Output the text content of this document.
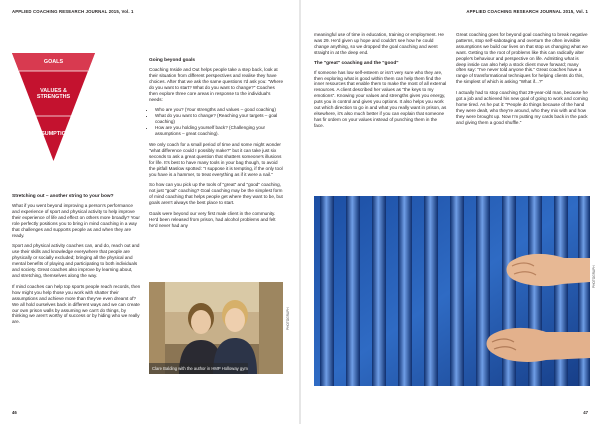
APPLIED COACHING RESEARCH JOURNAL 2015, Vol. 1	APPLIED COACHING RESEARCH JOURNAL 2015, Vol. 1
GOALS
VALUES &
STRENGTHS
ASSUMPTIONS
Stretching out – another string to your bow?

What if you went beyond improving a person's performance and experience of sport and physical activity to help improve their experience of life and effect on others more broadly? Your role perfectly positions you to bring in mind coaching in a way that challenges and supports people as and when they are ready.

Sport and physical activity coaches can, and do, reach out and use their skills and knowledge everywhere that people are physically or socially excluded; bringing all the physical and mental benefits of playing and participating to both individuals and society. Great coaches also improve by learning about, and stretching, themselves along the way.

If mind coaches can help top sports people reach records, then how might you help those you work with shatter their assumptions and achieve more than they've even dreamt of? We all hold ourselves back in different ways and we can create our own prison walls by assuming we can't do things, by thinking we aren't worthy of success or by hiding who we really are.

Going beyond goals

Coaching Inside and Out helps people take a step back, look at their situation from different perspectives and realise they have choices. After that we ask the same questions I'd ask you: "Where do you want to start? What do you want to change?" Coaches then explore three core areas in response to the individual's needs:

• Who are you? (Your strengths and values – good coaching)
• What do you want to change? (Reaching your targets – goal coaching)
• How are you holding yourself back? (Challenging your assumptions – great coaching).

We only coach for a small period of time and some might wonder "what difference could I possibly make?" but it can take just six seconds to ask a great question that shatters someone's illusions for life. It's best to have many tools in your bag though, to avoid the pitfall Maslow spotted: "I suppose it is tempting, if the only tool you have is a hammer, to treat everything as if it were a nail."

So how can you pick up the tools of "great" and "good" coaching, not just "goal" coaching? Goal coaching may be the simplest form of mind coaching that helps people get where they want to be, but goals aren't always the best place to start.

Goals were beyond our very first male client in the community. He'd been released from prison, had alcohol problems and felt he'd never had any

Clare Balding with the author in HMP Holloway gym
PHOTOGRAPH
46

meaningful use of time in education, training or employment. He was 29. He'd given up hope and couldn't see how he could change anything, so we dropped the goal coaching and went straight in at the deep end.

The "great" coaching and the "good"

If someone has low self-esteem or isn't very sure who they are, then exploring what is good within them can help them find the inner resources that enable them to make the most of all external resources. A client described her values as "the keys to my emotions". Knowing your values and strengths gives you energy, puts you in control and gives you options. It also helps you work out which direction to go in and what you really want in prison, as elsewhere, it's also much better if you can explain that someone has fir ordem on your values instead of punching them in the face.

Great coaching goes for beyond goal coaching to break negative patterns, stop self-sabotaging and overturn the often invisible assumptions we build our lives on that stop us changing what we want. Getting to the root of problems like this can radically alter people's behaviour and perspective on life. Admitting what is deep inside can also help a stock client move forward; many often say: "I've never told anyone this." Great coaches have a range of transformational techniques for helping clients do this, the simplest of which is asking "What if...?"

I actually had to stop coaching that 29-year-old man, because he got a job and achieved his new goal of going to work and coming home tired. As he put it: "People do things because of the hand they were dealt, who they're around, who they mix with and how they were brought up. Now I'm putting my cards back in the pack and giving them a good shuffle."

PHOTOGRAPH
47
